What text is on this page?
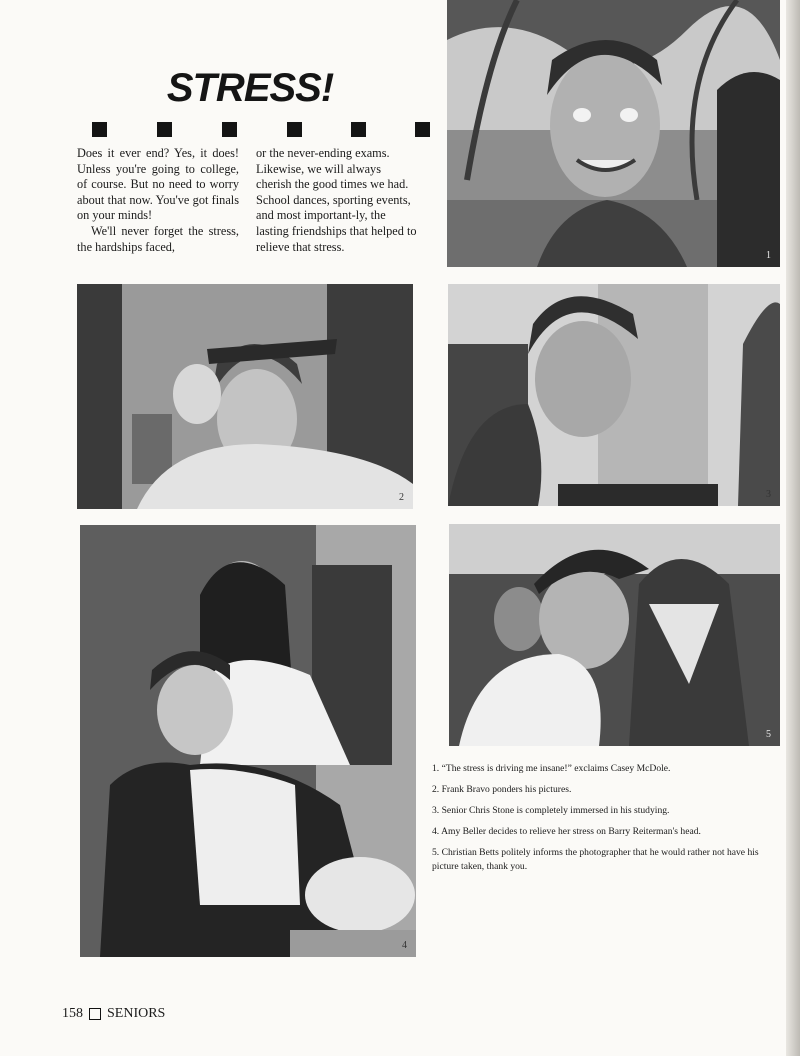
STRESS!

Does it ever end? Yes, it does! Unless you're going to college, of course. But no need to worry about that now. You've got finals on your minds!

We'll never forget the stress, the hardships faced,

or the never-ending exams. Likewise, we will always cherish the good times we had. School dances, sporting events, and most important-ly, the lasting friendships that helped to relieve that stress.

1
2	3
4
5

1. “The stress is driving me insane!” exclaims Casey McDole.

2. Frank Bravo ponders his pictures.

3. Senior Chris Stone is completely immersed in his studying.

4. Amy Beller decides to relieve her stress on Barry Reiterman's head.

5. Christian Betts politely informs the photographer that he would rather not have his picture taken, thank you.

158 SENIORS
